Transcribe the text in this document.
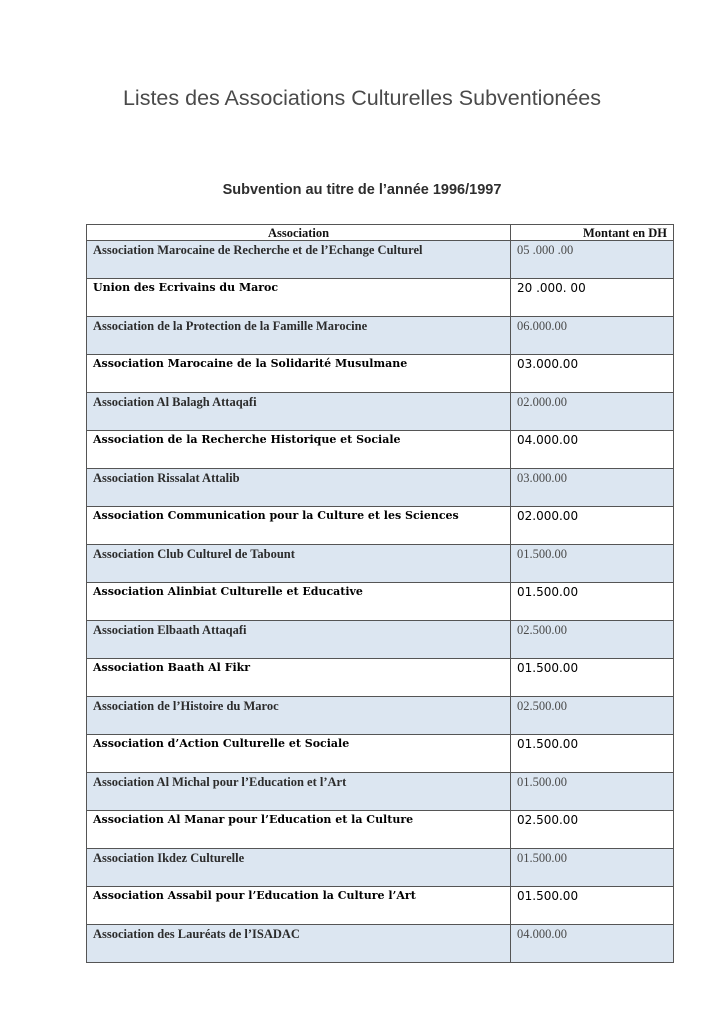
Listes des Associations Culturelles Subventionées
Subvention au titre de l’année 1996/1997
Association	Montant en DH
Association Marocaine de Recherche et de l’Echange Culturel	05 .000 .00
Union des Ecrivains du Maroc	20 .000. 00
Association de la Protection de la Famille Marocine	06.000.00
Association Marocaine de la Solidarité Musulmane	03.000.00
Association Al Balagh Attaqafi	02.000.00
Association de la Recherche Historique et Sociale	04.000.00
Association Rissalat Attalib	03.000.00
Association Communication pour la Culture et les Sciences	02.000.00
Association Club Culturel de Tabount	01.500.00
Association Alinbiat Culturelle et Educative	01.500.00
Association Elbaath Attaqafi	02.500.00
Association Baath Al Fikr	01.500.00
Association de l’Histoire du Maroc	02.500.00
Association d’Action Culturelle et Sociale	01.500.00
Association Al Michal pour l’Education et l’Art	01.500.00
Association Al Manar pour l’Education et la Culture	02.500.00
Association Ikdez Culturelle	01.500.00
Association Assabil pour l’Education la Culture l’Art	01.500.00
Association des Lauréats de l’ISADAC	04.000.00
